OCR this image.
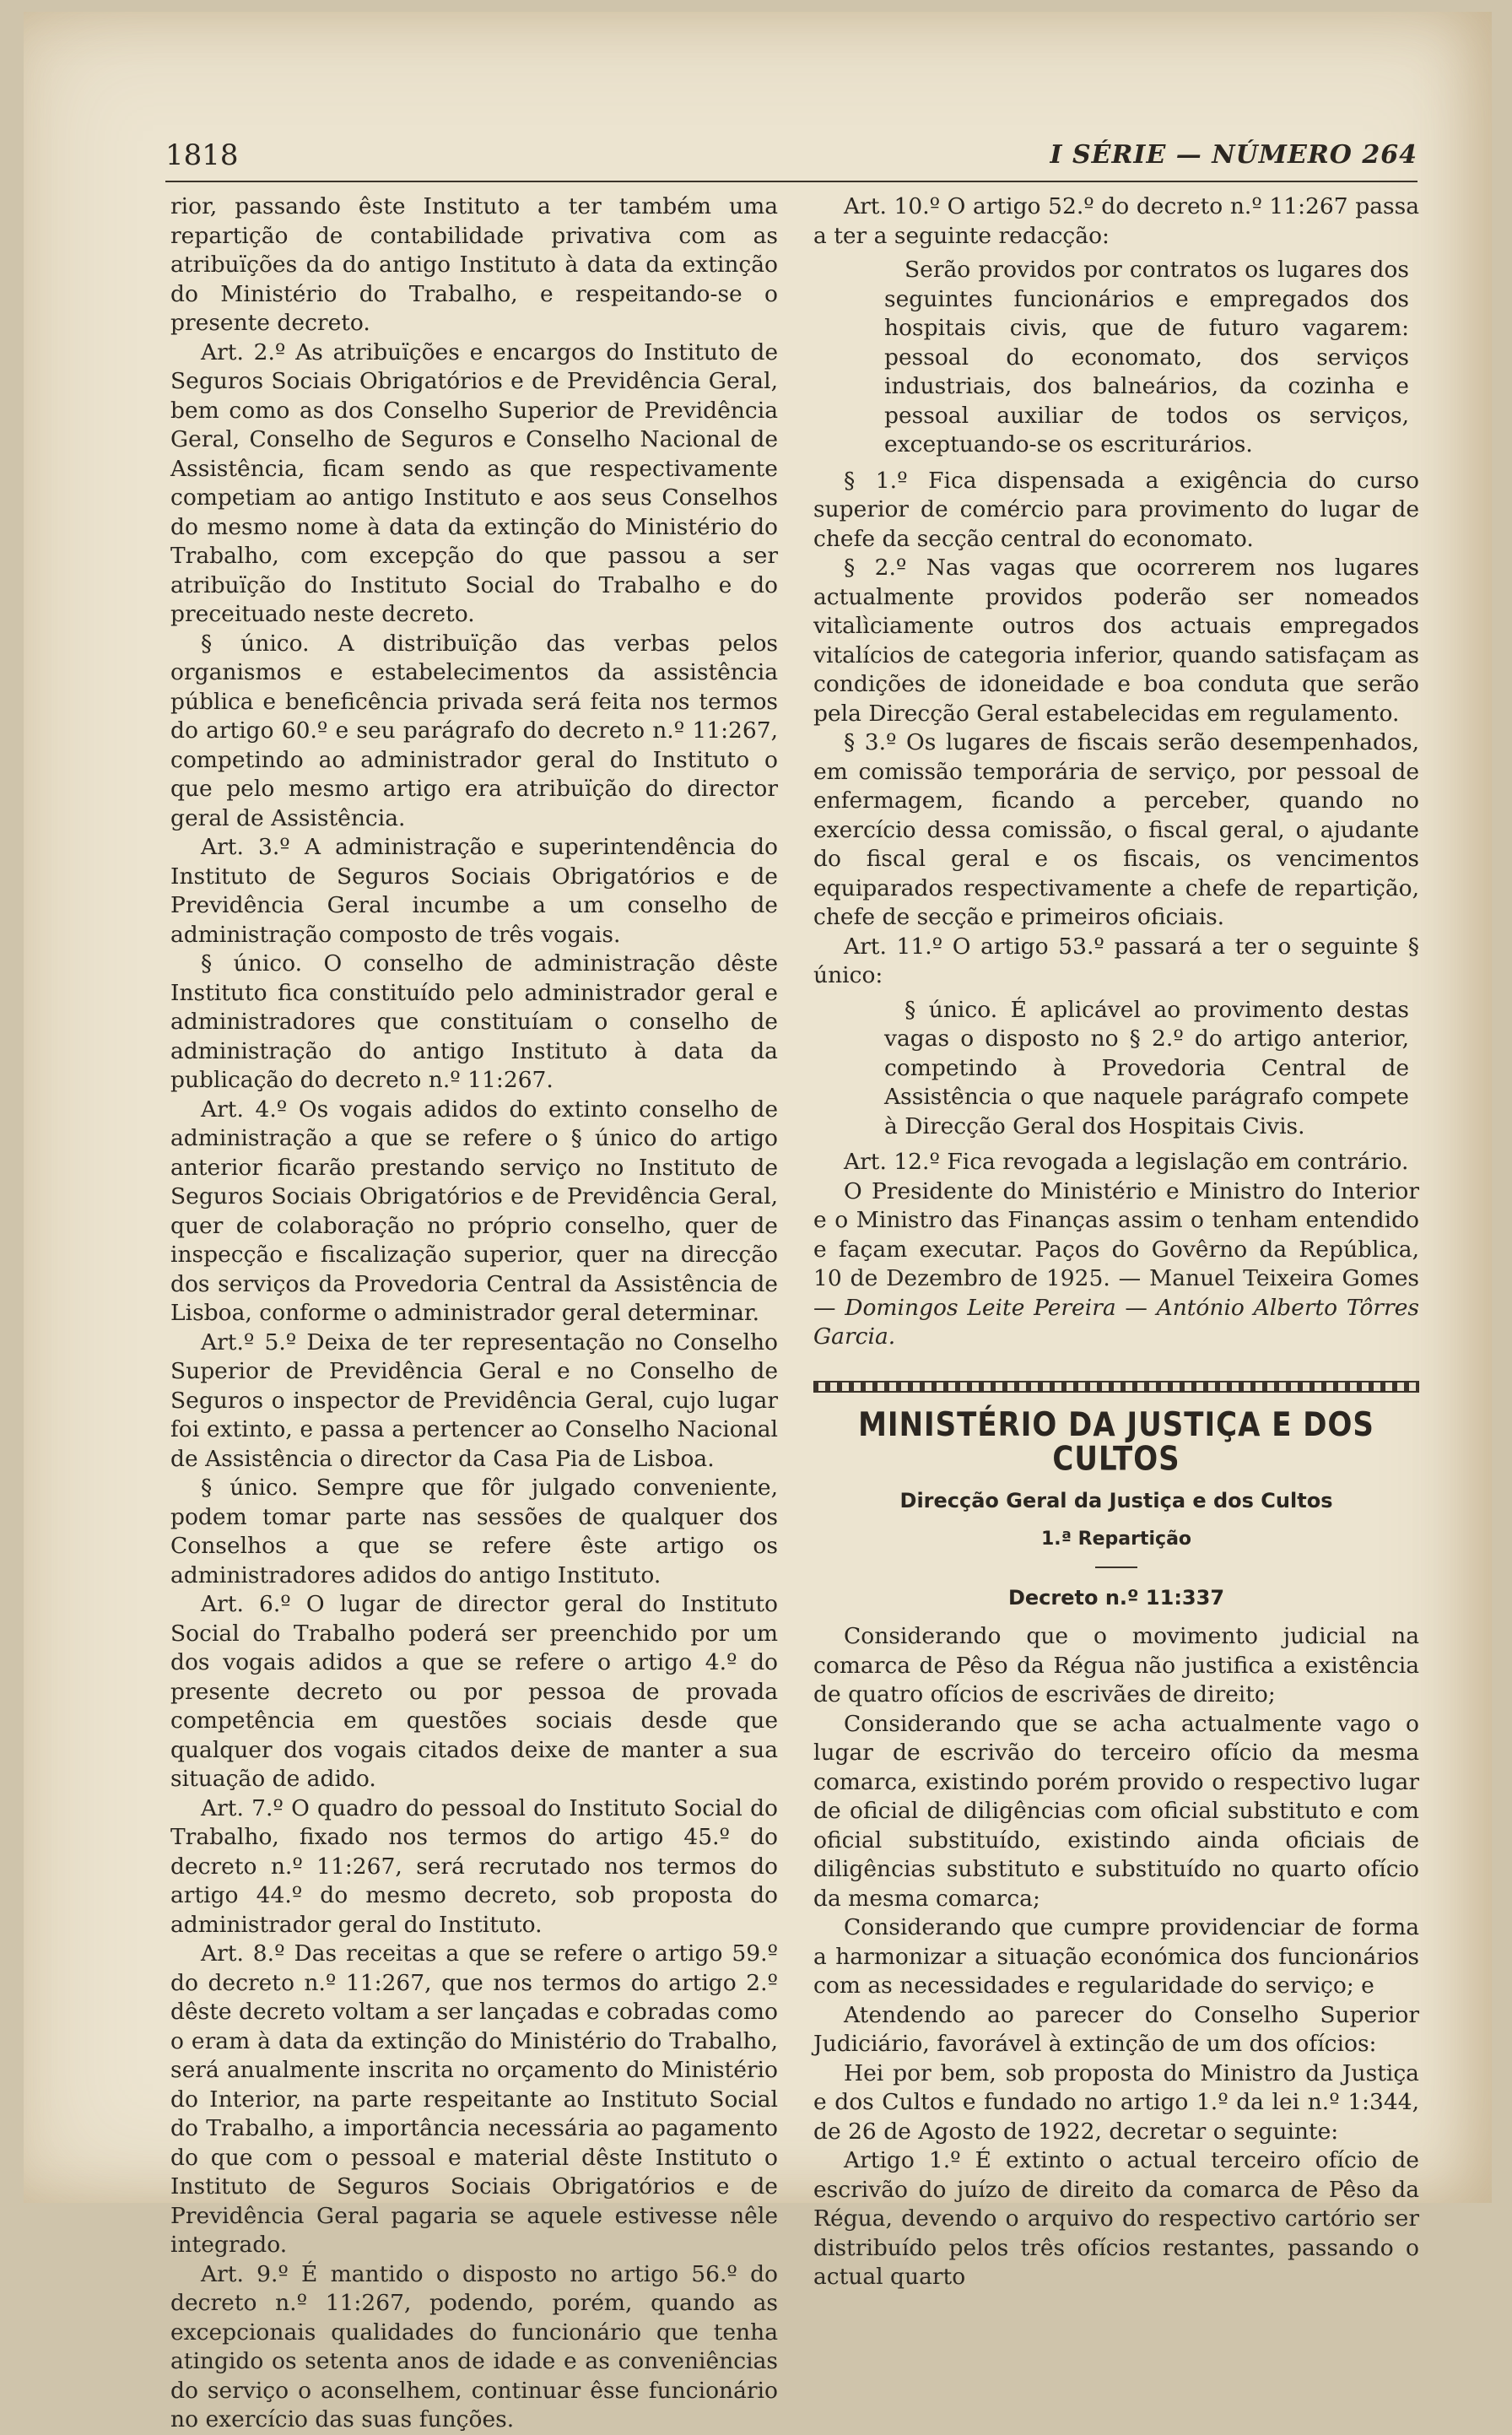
1818	I SÉRIE — NÚMERO 264

rior, passando êste Instituto a ter também uma repartição de contabilidade privativa com as atribuïções da do antigo Instituto à data da extinção do Ministério do Trabalho, e respeitando-se o presente decreto.

Art. 2.º As atribuïções e encargos do Instituto de Seguros Sociais Obrigatórios e de Previdência Geral, bem como as dos Conselho Superior de Previdência Geral, Conselho de Seguros e Conselho Nacional de Assistência, ficam sendo as que respectivamente competiam ao antigo Instituto e aos seus Conselhos do mesmo nome à data da extinção do Ministério do Trabalho, com excepção do que passou a ser atribuïção do Instituto Social do Trabalho e do preceituado neste decreto.

§ único. A distribuïção das verbas pelos organismos e estabelecimentos da assistência pública e beneficência privada será feita nos termos do artigo 60.º e seu parágrafo do decreto n.º 11:267, competindo ao administrador geral do Instituto o que pelo mesmo artigo era atribuïção do director geral de Assistência.

Art. 3.º A administração e superintendência do Instituto de Seguros Sociais Obrigatórios e de Previdência Geral incumbe a um conselho de administração composto de três vogais.

§ único. O conselho de administração dêste Instituto fica constituído pelo administrador geral e administradores que constituíam o conselho de administração do antigo Instituto à data da publicação do decreto n.º 11:267.

Art. 4.º Os vogais adidos do extinto conselho de administração a que se refere o § único do artigo anterior ficarão prestando serviço no Instituto de Seguros Sociais Obrigatórios e de Previdência Geral, quer de colaboração no próprio conselho, quer de inspecção e fiscalização superior, quer na direcção dos serviços da Provedoria Central da Assistência de Lisboa, conforme o administrador geral determinar.

Art.º 5.º Deixa de ter representação no Conselho Superior de Previdência Geral e no Conselho de Seguros o inspector de Previdência Geral, cujo lugar foi extinto, e passa a pertencer ao Conselho Nacional de Assistência o director da Casa Pia de Lisboa.

§ único. Sempre que fôr julgado conveniente, podem tomar parte nas sessões de qualquer dos Conselhos a que se refere êste artigo os administradores adidos do antigo Instituto.

Art. 6.º O lugar de director geral do Instituto Social do Trabalho poderá ser preenchido por um dos vogais adidos a que se refere o artigo 4.º do presente decreto ou por pessoa de provada competência em questões sociais desde que qualquer dos vogais citados deixe de manter a sua situação de adido.

Art. 7.º O quadro do pessoal do Instituto Social do Trabalho, fixado nos termos do artigo 45.º do decreto n.º 11:267, será recrutado nos termos do artigo 44.º do mesmo decreto, sob proposta do administrador geral do Instituto.

Art. 8.º Das receitas a que se refere o artigo 59.º do decreto n.º 11:267, que nos termos do artigo 2.º dêste decreto voltam a ser lançadas e cobradas como o eram à data da extinção do Ministério do Trabalho, será anualmente inscrita no orçamento do Ministério do Interior, na parte respeitante ao Instituto Social do Trabalho, a importância necessária ao pagamento do que com o pessoal e material dêste Instituto o Instituto de Seguros Sociais Obrigatórios e de Previdência Geral pagaria se aquele estivesse nêle integrado.

Art. 9.º É mantido o disposto no artigo 56.º do decreto n.º 11:267, podendo, porém, quando as excepcionais qualidades do funcionário que tenha atingido os setenta anos de idade e as conveniências do serviço o aconselhem, continuar êsse funcionário no exercício das suas funções.

Art. 10.º O artigo 52.º do decreto n.º 11:267 passa a ter a seguinte redacção:

Serão providos por contratos os lugares dos seguintes funcionários e empregados dos hospitais civis, que de futuro vagarem: pessoal do economato, dos serviços industriais, dos balneários, da cozinha e pessoal auxiliar de todos os serviços, exceptuando-se os escriturários.

§ 1.º Fica dispensada a exigência do curso superior de comércio para provimento do lugar de chefe da secção central do economato.

§ 2.º Nas vagas que ocorrerem nos lugares actualmente providos poderão ser nomeados vitalìciamente outros dos actuais empregados vitalícios de categoria inferior, quando satisfaçam as condições de idoneidade e boa conduta que serão pela Direcção Geral estabelecidas em regulamento.

§ 3.º Os lugares de fiscais serão desempenhados, em comissão temporária de serviço, por pessoal de enfermagem, ficando a perceber, quando no exercício dessa comissão, o fiscal geral, o ajudante do fiscal geral e os fiscais, os vencimentos equiparados respectivamente a chefe de repartição, chefe de secção e primeiros oficiais.

Art. 11.º O artigo 53.º passará a ter o seguinte § único:

§ único. É aplicável ao provimento destas vagas o disposto no § 2.º do artigo anterior, competindo à Provedoria Central de Assistência o que naquele parágrafo compete à Direcção Geral dos Hospitais Civis.

Art. 12.º Fica revogada a legislação em contrário.

O Presidente do Ministério e Ministro do Interior e o Ministro das Finanças assim o tenham entendido e façam executar. Paços do Govêrno da República, 10 de Dezembro de 1925. — Manuel Teixeira Gomes — Domingos Leite Pereira — António Alberto Tôrres Garcia.

MINISTÉRIO DA JUSTIÇA E DOS CULTOS
Direcção Geral da Justiça e dos Cultos
1.ª Repartição
Decreto n.º 11:337

Considerando que o movimento judicial na comarca de Pêso da Régua não justifica a existência de quatro ofícios de escrivães de direito;

Considerando que se acha actualmente vago o lugar de escrivão do terceiro ofício da mesma comarca, existindo porém provido o respectivo lugar de oficial de diligências com oficial substituto e com oficial substituído, existindo ainda oficiais de diligências substituto e substituído no quarto ofício da mesma comarca;

Considerando que cumpre providenciar de forma a harmonizar a situação económica dos funcionários com as necessidades e regularidade do serviço; e

Atendendo ao parecer do Conselho Superior Judiciário, favorável à extinção de um dos ofícios:

Hei por bem, sob proposta do Ministro da Justiça e dos Cultos e fundado no artigo 1.º da lei n.º 1:344, de 26 de Agosto de 1922, decretar o seguinte:

Artigo 1.º É extinto o actual terceiro ofício de escrivão do juízo de direito da comarca de Pêso da Régua, devendo o arquivo do respectivo cartório ser distribuído pelos três ofícios restantes, passando o actual quarto
